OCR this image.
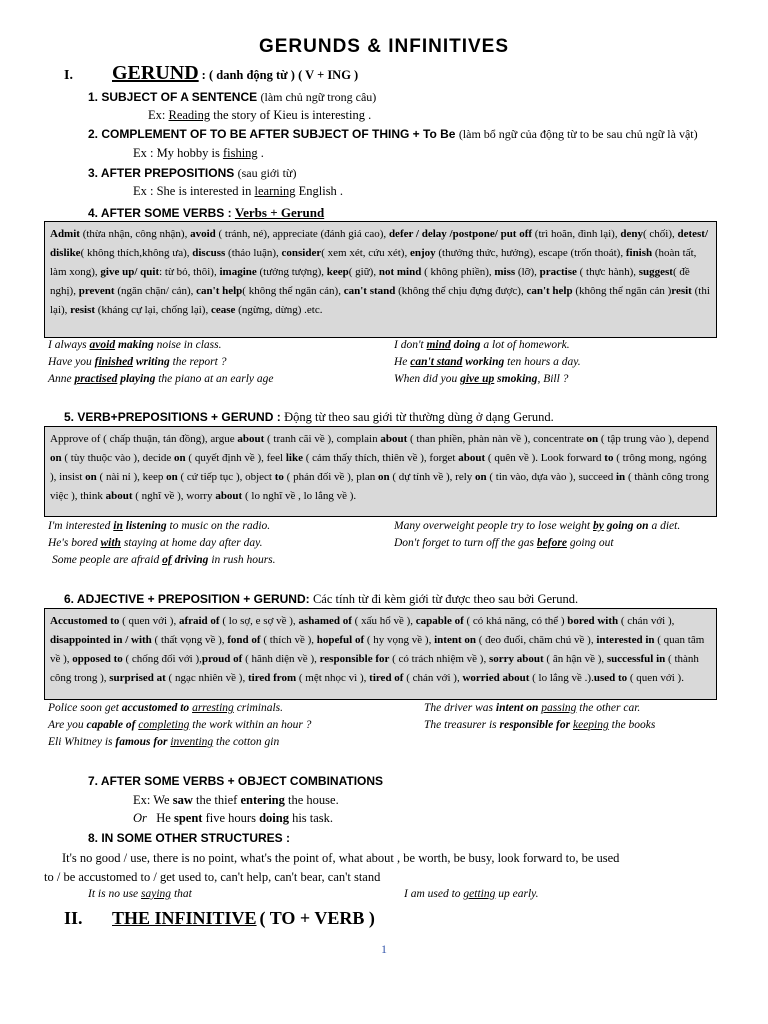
GERUNDS & INFINITIVES
I. GERUND : ( danh động từ ) ( V + ING )
1. SUBJECT OF A SENTENCE (làm chủ ngữ trong câu)
Ex: Reading the story of Kieu is interesting .
2. COMPLEMENT OF TO BE AFTER SUBJECT OF THING + To Be (làm bổ ngữ của động từ to be sau chủ ngữ là vật)
Ex : My hobby is fishing .
3. AFTER PREPOSITIONS (sau giới từ)
Ex : She is interested in learning English .
4. AFTER SOME VERBS : Verbs + Gerund
Admit (thừa nhận, công nhận), avoid ( tránh, né), appreciate (đánh giá cao), defer / delay /postpone/ put off (trì hoãn, đình lại), deny( chối), detest/ dislike( không thích,không ưa), discuss (thảo luận), consider( xem xét, cứu xét), enjoy (thưởng thức, hưởng), escape (trốn thoát), finish (hoàn tất, làm xong), give up/ quit: từ bỏ, thôi), imagine (tưởng tượng), keep( giữ), not mind ( không phiền), miss (lỡ), practise ( thực hành), suggest( đề nghị), prevent (ngăn chặn/ cản), can't help( không thể ngăn cản), can't stand (không thể chịu đựng được), can't help (không thể ngăn cản )resit (thi lại), resist (kháng cự lại, chống lại), cease (ngừng, dừng) .etc.
I always avoid making noise in class.	I don't mind doing a lot of homework.
Have you finished writing the report ?	He can't stand working ten hours a day.
Anne practised playing the piano at an early age	When did you give up smoking, Bill ?
5. VERB+PREPOSITIONS + GERUND : Động từ theo sau giới từ thường dùng ở dạng Gerund.
Approve of ( chấp thuận, tán đồng), argue about ( tranh cãi về ), complain about ( than phiền, phàn nàn về ), concentrate on ( tập trung vào ), depend on ( tùy thuộc vào ), decide on ( quyết định về ), feel like ( cảm thấy thích, thiên về ), forget about ( quên về ). Look forward to ( trông mong, ngóng ), insist on ( nài nỉ ), keep on ( cứ tiếp tục ), object to ( phản đối về ), plan on ( dự tính về ), rely on ( tin vào, dựa vào ), succeed in ( thành công trong việc ), think about ( nghĩ về ), worry about ( lo nghĩ về , lo lắng về ).
I'm interested in listening to music on the radio.	Many overweight people try to lose weight by going on a diet.
He's bored with staying at home day after day.	Don't forget to turn off the gas before going out
Some people are afraid of driving in rush hours.
6. ADJECTIVE + PREPOSITION + GERUND: Các tính từ đi kèm giới từ được theo sau bởi Gerund.
Accustomed to ( quen với ), afraid of ( lo sợ, e sợ về ), ashamed of ( xấu hổ về ), capable of ( có khả năng, có thể ) bored with ( chán với ), disappointed in / with ( thất vọng về ), fond of ( thích về ), hopeful of ( hy vọng về ), intent on ( đeo đuổi, chăm chú về ), interested in ( quan tâm về ), opposed to ( chống đối với ),proud of ( hãnh diện về ), responsible for ( có trách nhiệm về ), sorry about ( ân hận về ), successful in ( thành công trong ), surprised at ( ngạc nhiên về ), tired from ( mệt nhọc vì ), tired of ( chán với ), worried about ( lo lắng về .).used to ( quen với ).
Police soon get accustomed to arresting criminals.	The driver was intent on passing the other car.
Are you capable of completing the work within an hour ?	The treasurer is responsible for keeping the books
Eli Whitney is famous for inventing the cotton gin
7. AFTER SOME VERBS + OBJECT COMBINATIONS
Ex: We saw the thief entering the house.
Or   He spent five hours doing his task.
8. IN SOME OTHER STRUCTURES :
It's no good / use, there is no point, what's the point of, what about , be worth, be busy, look forward to, be used
to / be accustomed to / get used to, can't help, can't bear, can't stand
It is no use saying that	I am used to getting up early.
II. THE INFINITIVE ( TO + VERB )
1
